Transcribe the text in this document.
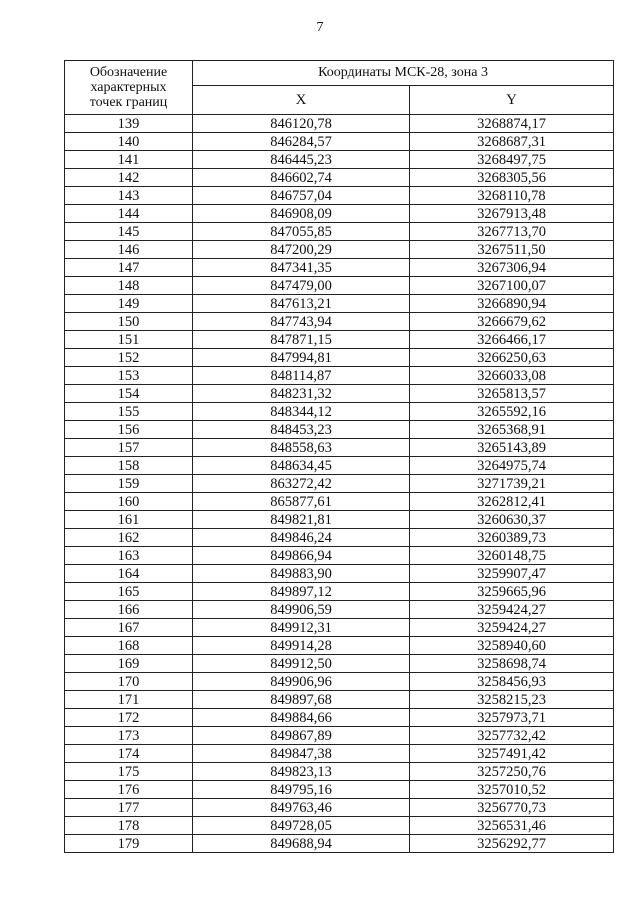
7
Обозначение
характерных
точек границ	Координаты МСК-28, зона 3	
	X	Y
139	846120,78	3268874,17
140	846284,57	3268687,31
141	846445,23	3268497,75
142	846602,74	3268305,56
143	846757,04	3268110,78
144	846908,09	3267913,48
145	847055,85	3267713,70
146	847200,29	3267511,50
147	847341,35	3267306,94
148	847479,00	3267100,07
149	847613,21	3266890,94
150	847743,94	3266679,62
151	847871,15	3266466,17
152	847994,81	3266250,63
153	848114,87	3266033,08
154	848231,32	3265813,57
155	848344,12	3265592,16
156	848453,23	3265368,91
157	848558,63	3265143,89
158	848634,45	3264975,74
159	863272,42	3271739,21
160	865877,61	3262812,41
161	849821,81	3260630,37
162	849846,24	3260389,73
163	849866,94	3260148,75
164	849883,90	3259907,47
165	849897,12	3259665,96
166	849906,59	3259424,27
167	849912,31	3259424,27
168	849914,28	3258940,60
169	849912,50	3258698,74
170	849906,96	3258456,93
171	849897,68	3258215,23
172	849884,66	3257973,71
173	849867,89	3257732,42
174	849847,38	3257491,42
175	849823,13	3257250,76
176	849795,16	3257010,52
177	849763,46	3256770,73
178	849728,05	3256531,46
179	849688,94	3256292,77
